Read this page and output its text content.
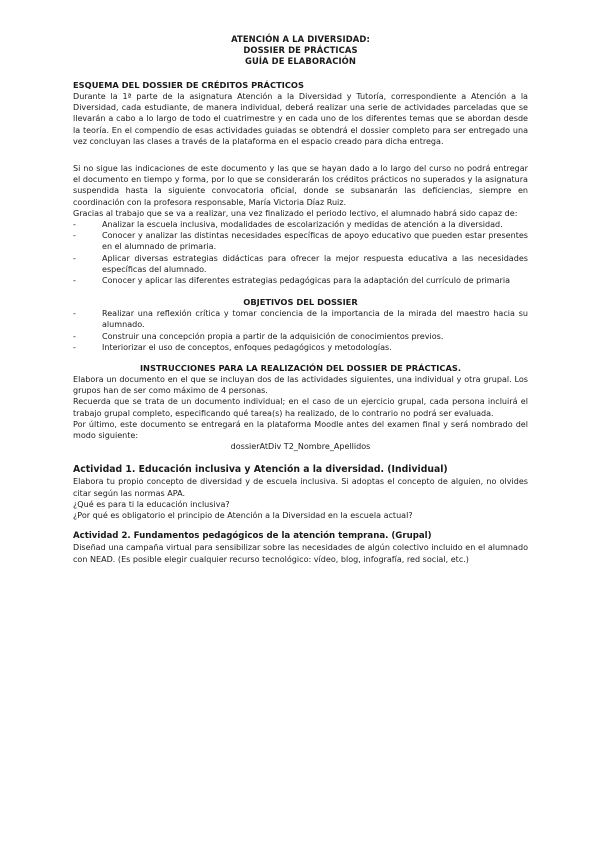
ATENCIÓN A LA DIVERSIDAD:
DOSSIER DE PRÁCTICAS
GUÍA DE ELABORACIÓN
ESQUEMA DEL DOSSIER DE CRÉDITOS PRÁCTICOS

Durante la 1ª parte de la asignatura Atención a la Diversidad y Tutoría, correspondiente a Atención a la Diversidad, cada estudiante, de manera individual, deberá realizar una serie de actividades parceladas que se llevarán a cabo a lo largo de todo el cuatrimestre y en cada uno de los diferentes temas que se abordan desde la teoría. En el compendio de esas actividades guiadas se obtendrá el dossier completo para ser entregado una vez concluyan las clases a través de la plataforma en el espacio creado para dicha entrega.

Si no sigue las indicaciones de este documento y las que se hayan dado a lo largo del curso no podrá entregar el documento en tiempo y forma, por lo que se considerarán los créditos prácticos no superados y la asignatura suspendida hasta la siguiente convocatoria oficial, donde se subsanarán las deficiencias, siempre en coordinación con la profesora responsable, María Victoria Díaz Ruiz.

Gracias al trabajo que se va a realizar, una vez finalizado el periodo lectivo, el alumnado habrá sido capaz de:

- Analizar la escuela inclusiva, modalidades de escolarización y medidas de atención a la diversidad.
- Conocer y analizar las distintas necesidades específicas de apoyo educativo que pueden estar presentes en el alumnado de primaria.
- Aplicar diversas estrategias didácticas para ofrecer la mejor respuesta educativa a las necesidades específicas del alumnado.
- Conocer y aplicar las diferentes estrategias pedagógicas para la adaptación del currículo de primaria
OBJETIVOS DEL DOSSIER
- Realizar una reflexión crítica y tomar conciencia de la importancia de la mirada del maestro hacia su alumnado.
- Construir una concepción propia a partir de la adquisición de conocimientos previos.
- Interiorizar el uso de conceptos, enfoques pedagógicos y metodologías.
INSTRUCCIONES PARA LA REALIZACIÓN DEL DOSSIER DE PRÁCTICAS.

Elabora un documento en el que se incluyan dos de las actividades siguientes, una individual y otra grupal. Los grupos han de ser como máximo de 4 personas.

Recuerda que se trata de un documento individual; en el caso de un ejercicio grupal, cada persona incluirá el trabajo grupal completo, especificando qué tarea(s) ha realizado, de lo contrario no podrá ser evaluada.

Por último, este documento se entregará en la plataforma Moodle antes del examen final y será nombrado del modo siguiente:

dossierAtDiv T2_Nombre_Apellidos
Actividad 1. Educación inclusiva y Atención a la diversidad. (Individual)

Elabora tu propio concepto de diversidad y de escuela inclusiva. Si adoptas el concepto de alguien, no olvides citar según las normas APA.

¿Qué es para ti la educación inclusiva?

¿Por qué es obligatorio el principio de Atención a la Diversidad en la escuela actual?

Actividad 2. Fundamentos pedagógicos de la atención temprana. (Grupal)

Diseñad una campaña virtual para sensibilizar sobre las necesidades de algún colectivo incluido en el alumnado con NEAD. (Es posible elegir cualquier recurso tecnológico: vídeo, blog, infografía, red social, etc.)
